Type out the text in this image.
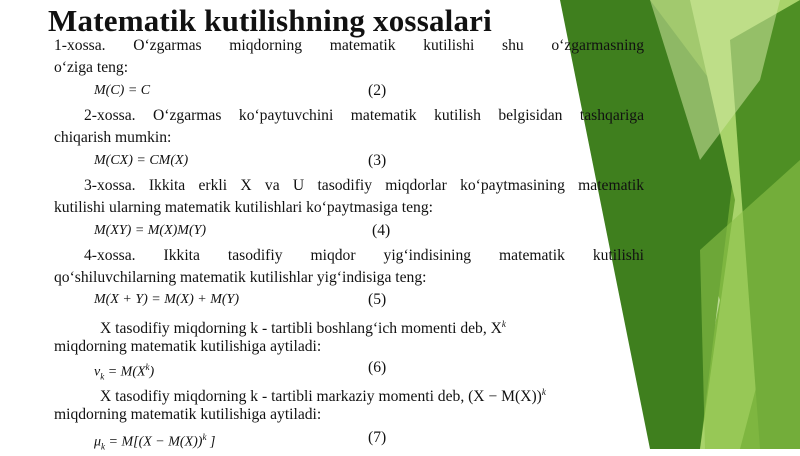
Matematik kutilishning xossalari
1-xossa. O‘zgarmas miqdorning matematik kutilishi shu o‘zgarmasning
o‘ziga teng:
M(C) = C	(2)
2-xossa. O‘zgarmas ko‘paytuvchini matematik kutilish belgisidan tashqariga
chiqarish mumkin:
M(CX) = CM(X)	(3)
3-xossa. Ikkita erkli X va U tasodifiy miqdorlar ko‘paytmasining matematik
kutilishi ularning matematik kutilishlari ko‘paytmasiga teng:
M(XY) = M(X)M(Y)	(4)
4-xossa. Ikkita tasodifiy miqdor yig‘indisining matematik kutilishi
qo‘shiluvchilarning matematik kutilishlar yig‘indisiga teng:
M(X + Y) = M(X) + M(Y)	(5)
X tasodifiy miqdorning k - tartibli boshlang‘ich momenti deb, $X^k$
miqdorning matematik kutilishiga aytiladi:
$\nu_k = M(X^k)$	(6)
X tasodifiy miqdorning k - tartibli markaziy momenti deb, $(X - M(X))^k$
miqdorning matematik kutilishiga aytiladi:
$\mu_k = M[(X - M(X))^k$ ]	(7)
